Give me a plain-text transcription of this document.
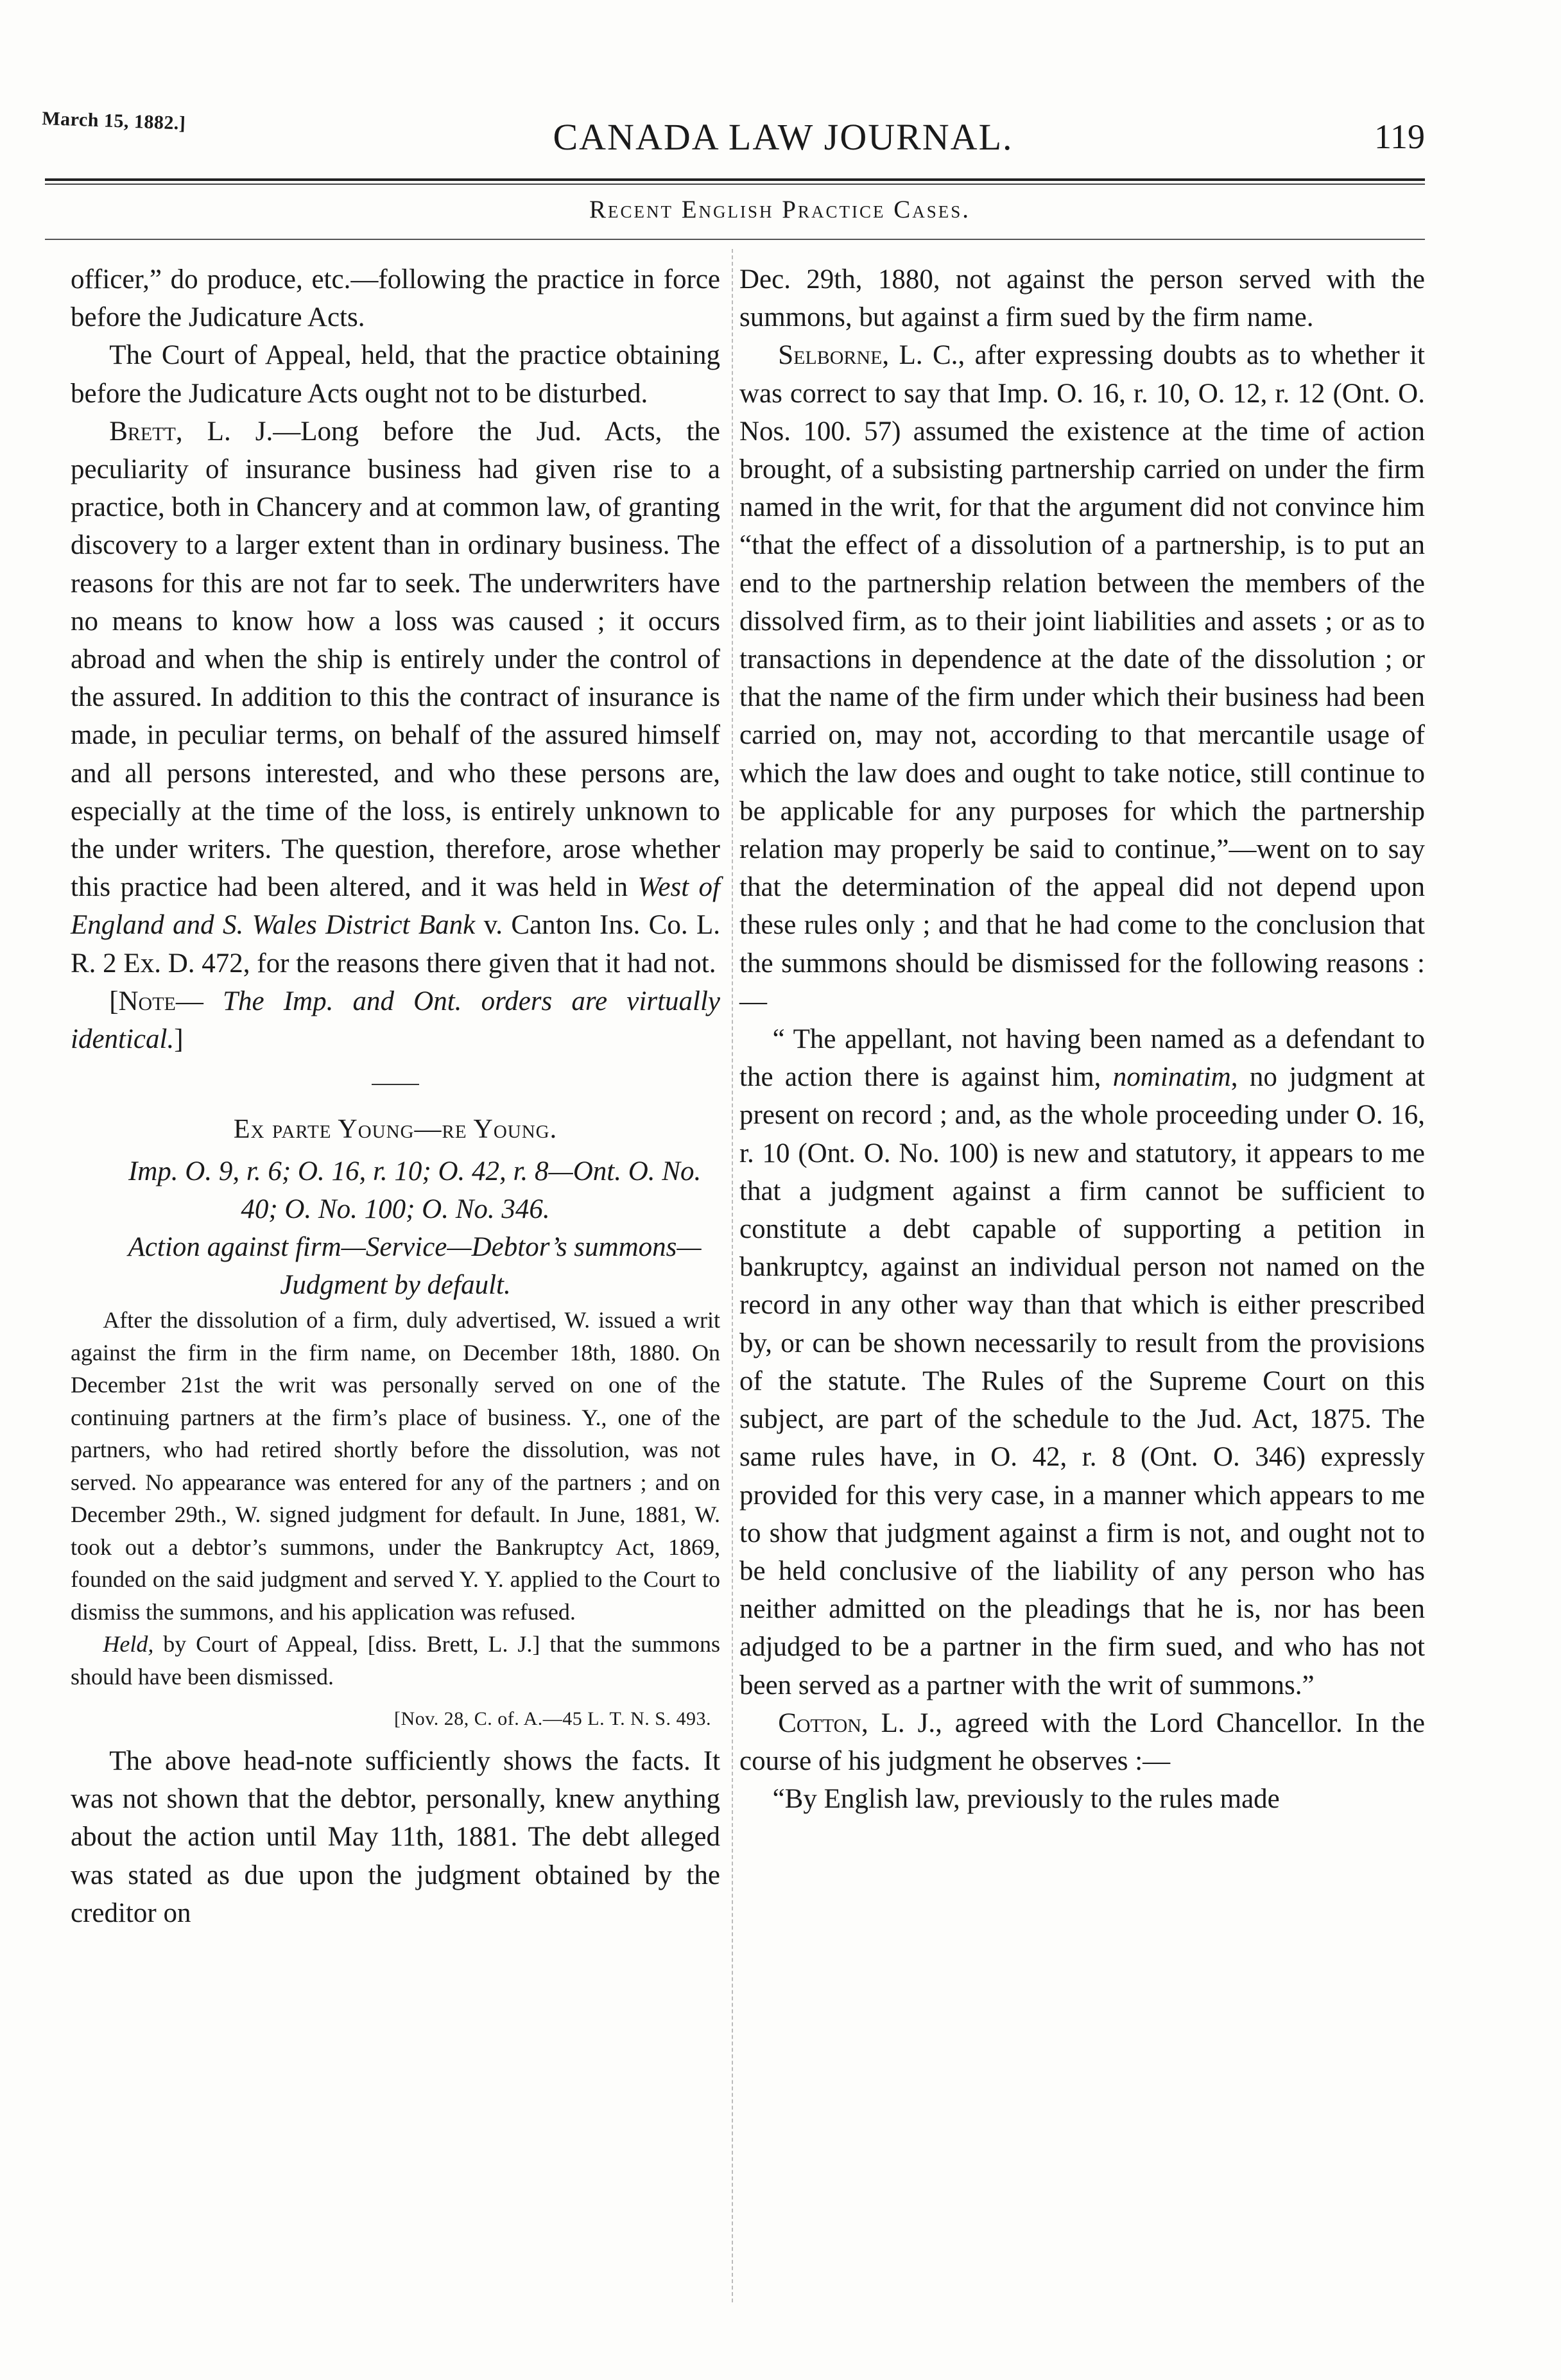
March 15, 1882.]	CANADA LAW JOURNAL.	119
Recent English Practice Cases.

officer,” do produce, etc.—following the practice in force before the Judicature Acts.

The Court of Appeal, held, that the practice obtaining before the Judicature Acts ought not to be disturbed.

Brett, L. J.—Long before the Jud. Acts, the peculiarity of insurance business had given rise to a practice, both in Chancery and at common law, of granting discovery to a larger extent than in ordinary business. The reasons for this are not far to seek. The underwriters have no means to know how a loss was caused ; it occurs abroad and when the ship is entirely under the control of the assured. In addition to this the contract of insurance is made, in peculiar terms, on behalf of the assured himself and all persons interested, and who these persons are, especially at the time of the loss, is entirely unknown to the under writers. The question, therefore, arose whether this practice had been altered, and it was held in West of England and S. Wales District Bank v. Canton Ins. Co. L. R. 2 Ex. D. 472, for the reasons there given that it had not.

[Note— The Imp. and Ont. orders are virtually identical.]

Ex parte Young—re Young.

Imp. O. 9, r. 6; O. 16, r. 10; O. 42, r. 8—Ont. O. No. 40; O. No. 100; O. No. 346.

Action against firm—Service—Debtor’s summons—Judgment by default.

After the dissolution of a firm, duly advertised, W. issued a writ against the firm in the firm name, on December 18th, 1880. On December 21st the writ was personally served on one of the continuing partners at the firm’s place of business. Y., one of the partners, who had retired shortly before the dissolution, was not served. No appearance was entered for any of the partners ; and on December 29th., W. signed judgment for default. In June, 1881, W. took out a debtor’s summons, under the Bankruptcy Act, 1869, founded on the said judgment and served Y. Y. applied to the Court to dismiss the summons, and his application was refused.

Held, by Court of Appeal, [diss. Brett, L. J.] that the summons should have been dismissed.

[Nov. 28, C. of. A.—45 L. T. N. S. 493.

The above head-note sufficiently shows the facts. It was not shown that the debtor, personally, knew anything about the action until May 11th, 1881. The debt alleged was stated as due upon the judgment obtained by the creditor on

Dec. 29th, 1880, not against the person served with the summons, but against a firm sued by the firm name.

Selborne, L. C., after expressing doubts as to whether it was correct to say that Imp. O. 16, r. 10, O. 12, r. 12 (Ont. O. Nos. 100. 57) assumed the existence at the time of action brought, of a subsisting partnership carried on under the firm named in the writ, for that the argument did not convince him “that the effect of a dissolution of a partnership, is to put an end to the partnership relation between the members of the dissolved firm, as to their joint liabilities and assets ; or as to transactions in dependence at the date of the dissolution ; or that the name of the firm under which their business had been carried on, may not, according to that mercantile usage of which the law does and ought to take notice, still continue to be applicable for any purposes for which the partnership relation may properly be said to continue,”—went on to say that the determination of the appeal did not depend upon these rules only ; and that he had come to the conclusion that the summons should be dismissed for the following reasons :—

“ The appellant, not having been named as a defendant to the action there is against him, nominatim, no judgment at present on record ; and, as the whole proceeding under O. 16, r. 10 (Ont. O. No. 100) is new and statutory, it appears to me that a judgment against a firm cannot be sufficient to constitute a debt capable of supporting a petition in bankruptcy, against an individual person not named on the record in any other way than that which is either prescribed by, or can be shown necessarily to result from the provisions of the statute. The Rules of the Supreme Court on this subject, are part of the schedule to the Jud. Act, 1875. The same rules have, in O. 42, r. 8 (Ont. O. 346) expressly provided for this very case, in a manner which appears to me to show that judgment against a firm is not, and ought not to be held conclusive of the liability of any person who has neither admitted on the pleadings that he is, nor has been adjudged to be a partner in the firm sued, and who has not been served as a partner with the writ of summons.”

Cotton, L. J., agreed with the Lord Chancellor. In the course of his judgment he observes :—

“By English law, previously to the rules made
